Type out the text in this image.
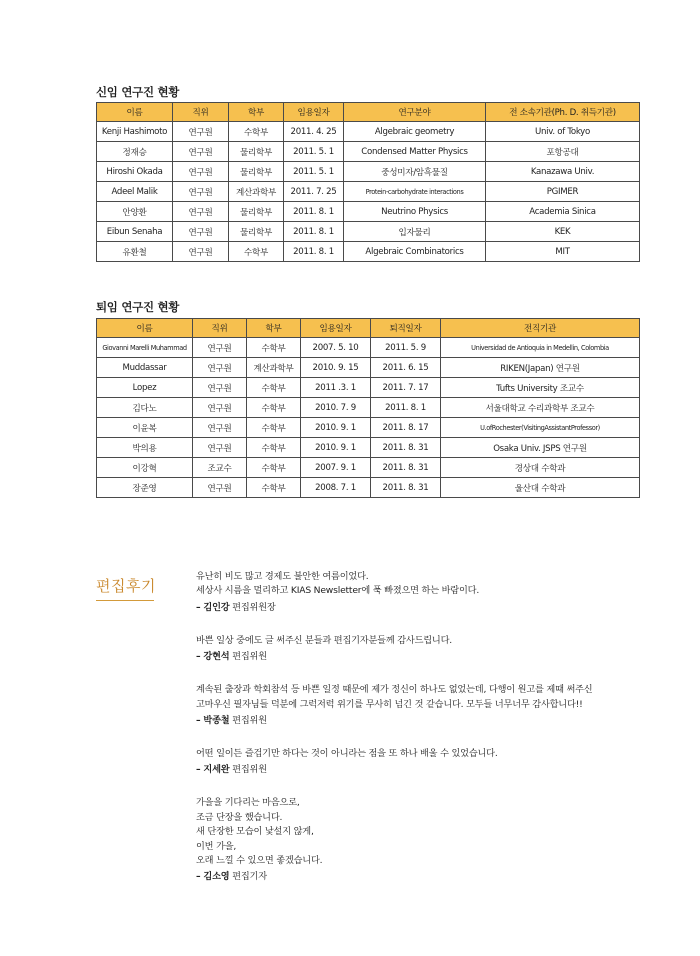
신임 연구진 현황
이름	직위	학부	임용일자	연구분야	전 소속기관(Ph. D. 취득기관)
Kenji Hashimoto	연구원	수학부	2011. 4. 25	Algebraic geometry	Univ. of Tokyo
정재승	연구원	물리학부	2011. 5. 1	Condensed Matter Physics	포항공대
Hiroshi Okada	연구원	물리학부	2011. 5. 1	중성미자/암흑물질	Kanazawa Univ.
Adeel Malik	연구원	계산과학부	2011. 7. 25	Protein-carbohydrate interactions	PGIMER
안양환	연구원	물리학부	2011. 8. 1	Neutrino Physics	Academia Sinica
Eibun Senaha	연구원	물리학부	2011. 8. 1	입자물리	KEK
유환철	연구원	수학부	2011. 8. 1	Algebraic Combinatorics	MIT
퇴임 연구진 현황
이름	직위	학부	임용일자	퇴직일자	전직기관
Giovanni Marelli Muhammad	연구원	수학부	2007. 5. 10	2011. 5. 9	Universidad de Antioquia in Medellin, Colombia
Muddassar	연구원	계산과학부	2010. 9. 15	2011. 6. 15	RIKEN(Japan) 연구원
Lopez	연구원	수학부	2011 .3. 1	2011. 7. 17	Tufts University 조교수
김다노	연구원	수학부	2010. 7. 9	2011. 8. 1	서울대학교 수리과학부 조교수
이윤복	연구원	수학부	2010. 9. 1	2011. 8. 17	U.ofRochester(VisitingAssistantProfessor)
박의용	연구원	수학부	2010. 9. 1	2011. 8. 31	Osaka Univ. JSPS 연구원
이강혁	조교수	수학부	2007. 9. 1	2011. 8. 31	경상대 수학과
장준영	연구원	수학부	2008. 7. 1	2011. 8. 31	울산대 수학과
편집후기
유난히 비도 많고 경제도 불안한 여름이었다.
세상사 시름을 멀리하고 KIAS Newsletter에 푹 빠졌으면 하는 바람이다.
– 김인강 편집위원장
바쁜 일상 중에도 글 써주신 분들과 편집기자분들께 감사드립니다.
– 강현석 편집위원
계속된 출장과 학회참석 등 바쁜 일정 때문에 제가 정신이 하나도 없었는데, 다행이 원고를 제때 써주신
고마우신 필자님들 덕분에 그럭저럭 위기를 무사히 넘긴 것 같습니다. 모두들 너무너무 감사합니다!!
– 박종철 편집위원
어떤 일이든 즐겁기만 하다는 것이 아니라는 점을 또 하나 배울 수 있었습니다.
– 지세완 편집위원
가을을 기다리는 마음으로,
조금 단장을 했습니다.
새 단장한 모습이 낯설지 않게,
이번 가을,
오래 느낄 수 있으면 좋겠습니다.
– 김소영 편집기자
